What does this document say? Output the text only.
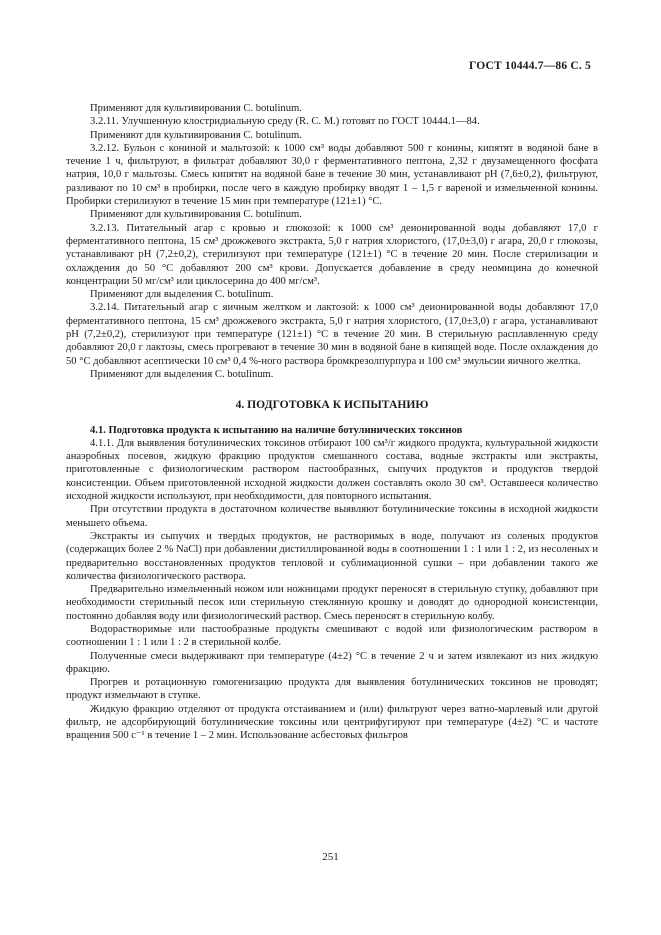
ГОСТ 10444.7—86 С. 5

Применяют для культивирования С. botulinum.

3.2.11. Улучшенную клостридиальную среду (R. С. М.) готовят по ГОСТ 10444.1—84.

Применяют для культивирования С. botulinum.

3.2.12. Бульон с кониной и мальтозой: к 1000 см³ воды добавляют 500 г конины, кипятят в водяной бане в течение 1 ч, фильтруют, в фильтрат добавляют 30,0 г ферментативного пептона, 2,32 г двузамещенного фосфата натрия, 10,0 г мальтозы. Смесь кипятят на водяной бане в течение 30 мин, устанавливают рН (7,6±0,2), фильтруют, разливают по 10 см³ в пробирки, после чего в каждую пробирку вводят 1 – 1,5 г вареной и измельченной конины. Пробирки стерилизуют в течение 15 мин при температуре (121±1) °С.

Применяют для культивирования С. botulinum.

3.2.13. Питательный агар с кровью и глюкозой: к 1000 см³ деионированной воды добавляют 17,0 г ферментативного пептона, 15 см³ дрожжевого экстракта, 5,0 г натрия хлористого, (17,0±3,0) г агара, 20,0 г глюкозы, устанавливают рН (7,2±0,2), стерилизуют при температуре (121±1) °С в течение 20 мин. После стерилизации и охлаждения до 50 °С добавляют 200 см³ крови. Допускается добавление в среду неомицина до конечной концентрации 50 мг/см³ или циклосерина до 400 мг/см³.

Применяют для выделения С. botulinum.

3.2.14. Питательный агар с яичным желтком и лактозой: к 1000 см³ деионированной воды добавляют 17,0 ферментативного пептона, 15 см³ дрожжевого экстракта, 5,0 г натрия хлористого, (17,0±3,0) г агара, устанавливают рН (7,2±0,2), стерилизуют при температуре (121±1) °С в течение 20 мин. В стерильную расплавленную среду добавляют 20,0 г лактозы, смесь прогревают в течение 30 мин в водяной бане в кипящей воде. После охлаждения до 50 °С добавляют асептически 10 см³ 0,4 %-ного раствора бромкрезолпурпура и 100 см³ эмульсии яичного желтка.

Применяют для выделения С. botulinum.

4. ПОДГОТОВКА К ИСПЫТАНИЮ

4.1. Подготовка продукта к испытанию на наличие ботулинических токсинов

4.1.1. Для выявления ботулинических токсинов отбирают 100 см³/г жидкого продукта, культуральной жидкости анаэробных посевов, жидкую фракцию продуктов смешанного состава, водные экстракты или экстракты, приготовленные с физиологическим раствором пастообразных, сыпучих продуктов и продуктов твердой консистенции. Объем приготовленной исходной жидкости должен составлять около 30 см³. Оставшееся количество исходной жидкости используют, при необходимости, для повторного испытания.

При отсутствии продукта в достаточном количестве выявляют ботулинические токсины в исходной жидкости меньшего объема.

Экстракты из сыпучих и твердых продуктов, не растворимых в воде, получают из соленых продуктов (содержащих более 2 % NaCl) при добавлении дистиллированной воды в соотношении 1 : 1 или 1 : 2, из несоленых и предварительно восстановленных продуктов тепловой и сублимационной сушки – при добавлении такого же количества физиологического раствора.

Предварительно измельченный ножом или ножницами продукт переносят в стерильную ступку, добавляют при необходимости стерильный песок или стерильную стеклянную крошку и доводят до однородной консистенции, постоянно добавляя воду или физиологический раствор. Смесь переносят в стерильную колбу.

Водорастворимые или пастообразные продукты смешивают с водой или физиологическим раствором в соотношении 1 : 1 или 1 : 2 в стерильной колбе.

Полученные смеси выдерживают при температуре (4±2) °С в течение 2 ч и затем извлекают из них жидкую фракцию.

Прогрев и ротационную гомогенизацию продукта для выявления ботулинических токсинов не проводят; продукт измельчают в ступке.

Жидкую фракцию отделяют от продукта отстаиванием и (или) фильтруют через ватно-марлевый или другой фильтр, не адсорбирующий ботулинические токсины или центрифугируют при температуре (4±2) °С и частоте вращения 500 с⁻¹ в течение 1 – 2 мин. Использование асбестовых фильтров

251
